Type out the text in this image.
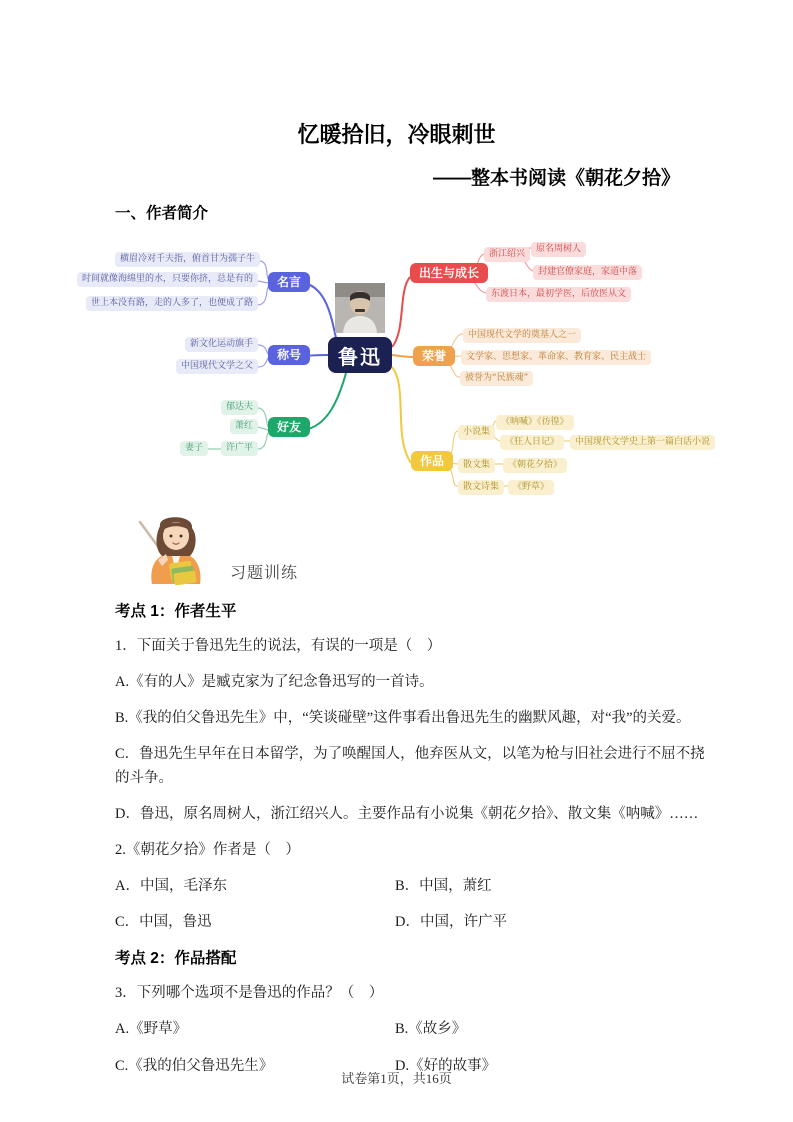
忆暖拾旧，冷眼刺世
——整本书阅读《朝花夕拾》
一、作者简介
鲁迅
名言
横眉冷对千夫指，俯首甘为孺子牛
时间就像海绵里的水，只要你挤，总是有的
世上本没有路，走的人多了，也便成了路
称号
新文化运动旗手
中国现代文学之父
好友
郁达夫
萧红
许广平
妻子
出生与成长
浙江绍兴	原名周树人
封建官僚家庭，家道中落
东渡日本，最初学医，后放医从文
荣誉
中国现代文学的奠基人之一
文学家、思想家、革命家、教育家、民主战士
被誉为“民族魂”
作品
小说集
《呐喊》《彷徨》
《狂人日记》	中国现代文学史上第一篇白话小说
散文集	《朝花夕拾》
散文诗集	《野草》
习题训练
考点 1：作者生平

1．下面关于鲁迅先生的说法，有误的一项是（　）

A.《有的人》是臧克家为了纪念鲁迅写的一首诗。

B.《我的伯父鲁迅先生》中，“笑谈碰壁”这件事看出鲁迅先生的幽默风趣，对“我”的关爱。

C．鲁迅先生早年在日本留学，为了唤醒国人，他弃医从文，以笔为枪与旧社会进行不屈不挠的斗争。

D．鲁迅，原名周树人，浙江绍兴人。主要作品有小说集《朝花夕拾》、散文集《呐喊》……

2.《朝花夕拾》作者是（　）

A．中国，毛泽东	B．中国，萧红
C．中国，鲁迅	D．中国，许广平
考点 2：作品搭配

3．下列哪个选项不是鲁迅的作品？（　）

A.《野草》	B.《故乡》
C.《我的伯父鲁迅先生》	D.《好的故事》
试卷第1页，共16页
